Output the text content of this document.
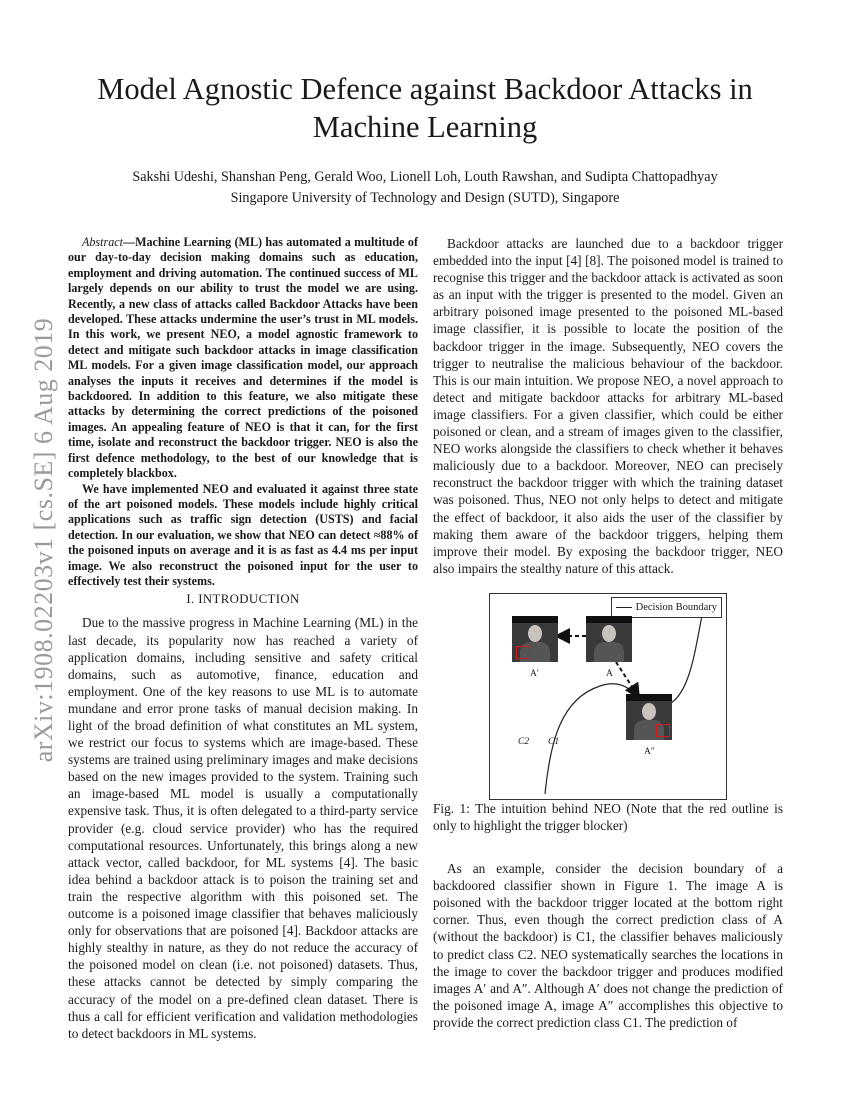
arXiv:1908.02203v1 [cs.SE] 6 Aug 2019
Model Agnostic Defence against Backdoor Attacks in Machine Learning
Sakshi Udeshi, Shanshan Peng, Gerald Woo, Lionell Loh, Louth Rawshan, and Sudipta Chattopadhyay
Singapore University of Technology and Design (SUTD), Singapore

Abstract—Machine Learning (ML) has automated a multitude of our day-to-day decision making domains such as education, employment and driving automation. The continued success of ML largely depends on our ability to trust the model we are using. Recently, a new class of attacks called Backdoor Attacks have been developed. These attacks undermine the user’s trust in ML models. In this work, we present NEO, a model agnostic framework to detect and mitigate such backdoor attacks in image classification ML models. For a given image classification model, our approach analyses the inputs it receives and determines if the model is backdoored. In addition to this feature, we also mitigate these attacks by determining the correct predictions of the poisoned images. An appealing feature of NEO is that it can, for the first time, isolate and reconstruct the backdoor trigger. NEO is also the first defence methodology, to the best of our knowledge that is completely blackbox.

We have implemented NEO and evaluated it against three state of the art poisoned models. These models include highly critical applications such as traffic sign detection (USTS) and facial detection. In our evaluation, we show that NEO can detect ≈88% of the poisoned inputs on average and it is as fast as 4.4 ms per input image. We also reconstruct the poisoned input for the user to effectively test their systems.

I. INTRODUCTION

Due to the massive progress in Machine Learning (ML) in the last decade, its popularity now has reached a variety of application domains, including sensitive and safety critical domains, such as automotive, finance, education and employment. One of the key reasons to use ML is to automate mundane and error prone tasks of manual decision making. In light of the broad definition of what constitutes an ML system, we restrict our focus to systems which are image-based. These systems are trained using preliminary images and make decisions based on the new images provided to the system. Training such an image-based ML model is usually a computationally expensive task. Thus, it is often delegated to a third-party service provider (e.g. cloud service provider) who has the required computational resources. Unfortunately, this brings along a new attack vector, called backdoor, for ML systems [4]. The basic idea behind a backdoor attack is to poison the training set and train the respective algorithm with this poisoned set. The outcome is a poisoned image classifier that behaves maliciously only for observations that are poisoned [4]. Backdoor attacks are highly stealthy in nature, as they do not reduce the accuracy of the poisoned model on clean (i.e. not poisoned) datasets. Thus, these attacks cannot be detected by simply comparing the accuracy of the model on a pre-defined clean dataset. There is thus a call for efficient verification and validation methodologies to detect backdoors in ML systems.

Backdoor attacks are launched due to a backdoor trigger embedded into the input [4] [8]. The poisoned model is trained to recognise this trigger and the backdoor attack is activated as soon as an input with the trigger is presented to the model. Given an arbitrary poisoned image presented to the poisoned ML-based image classifier, it is possible to locate the position of the backdoor trigger in the image. Subsequently, NEO covers the trigger to neutralise the malicious behaviour of the backdoor. This is our main intuition. We propose NEO, a novel approach to detect and mitigate backdoor attacks for arbitrary ML-based image classifiers. For a given classifier, which could be either poisoned or clean, and a stream of images given to the classifier, NEO works alongside the classifiers to check whether it behaves maliciously due to a backdoor. Moreover, NEO can precisely reconstruct the backdoor trigger with which the training dataset was poisoned. Thus, NEO not only helps to detect and mitigate the effect of backdoor, it also aids the user of the classifier by making them aware of the backdoor triggers, helping them improve their model. By exposing the backdoor trigger, NEO also impairs the stealthy nature of this attack.

Decision Boundary
A′	A
A″
C2 C1

Fig. 1: The intuition behind NEO (Note that the red outline is only to highlight the trigger blocker)

As an example, consider the decision boundary of a backdoored classifier shown in Figure 1. The image A is poisoned with the backdoor trigger located at the bottom right corner. Thus, even though the correct prediction class of A (without the backdoor) is C1, the classifier behaves maliciously to predict class C2. NEO systematically searches the locations in the image to cover the backdoor trigger and produces modified images A′ and A″. Although A′ does not change the prediction of the poisoned image A, image A″ accomplishes this objective to provide the correct prediction class C1. The prediction of
